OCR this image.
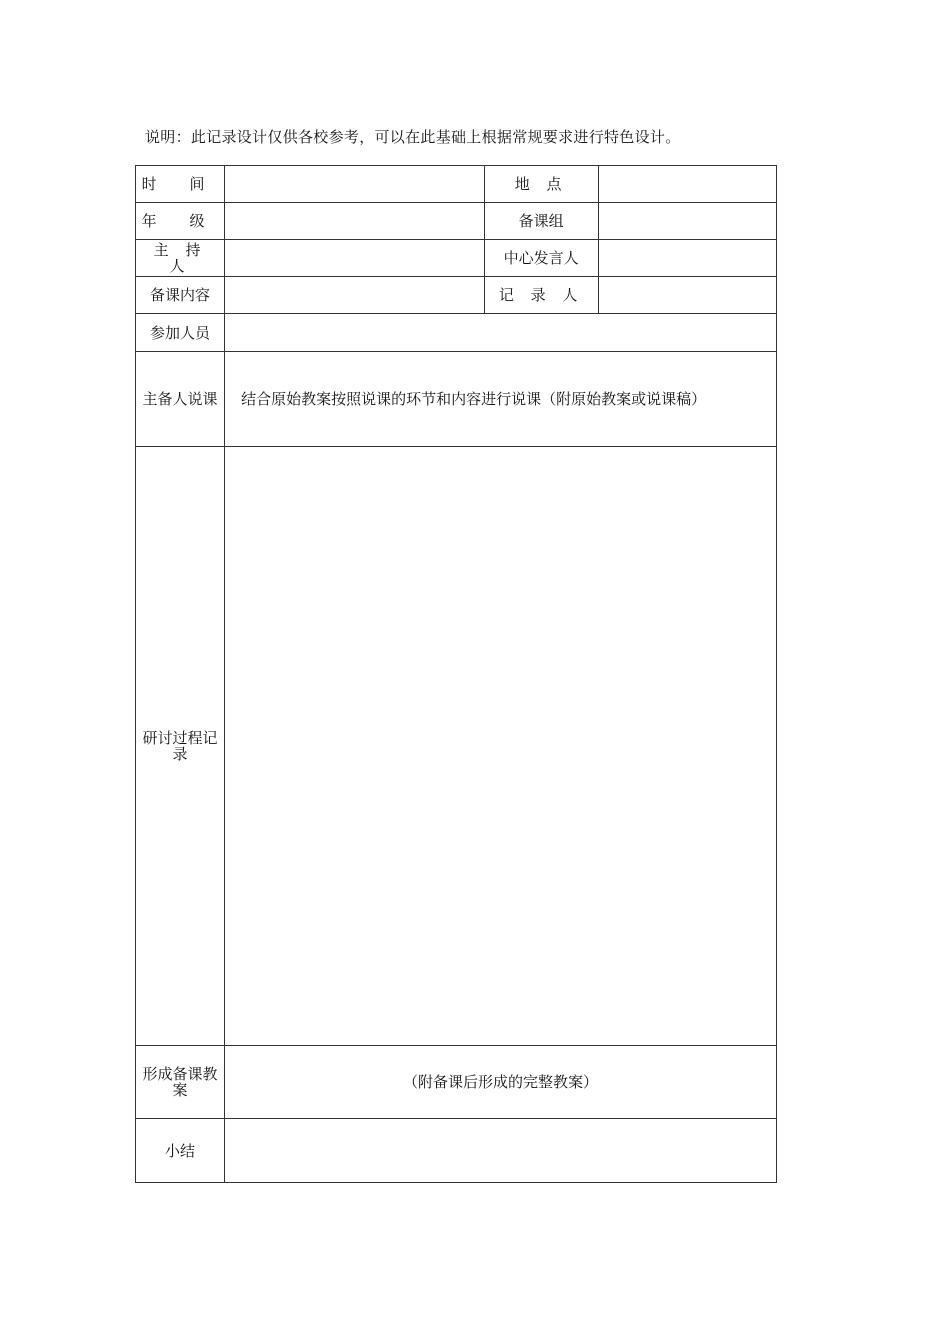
说明：此记录设计仅供各校参考，可以在此基础上根据常规要求进行特色设计。
时 间		地 点	
年 级		备课组	
主 持 人		中心发言人	
备课内容		记 录 人	
参加人员			
主备人说课	结合原始教案按照说课的环节和内容进行说课（附原始教案或说课稿）		
研讨过程记录			
形成备课教案	（附备课后形成的完整教案）		
小结			
